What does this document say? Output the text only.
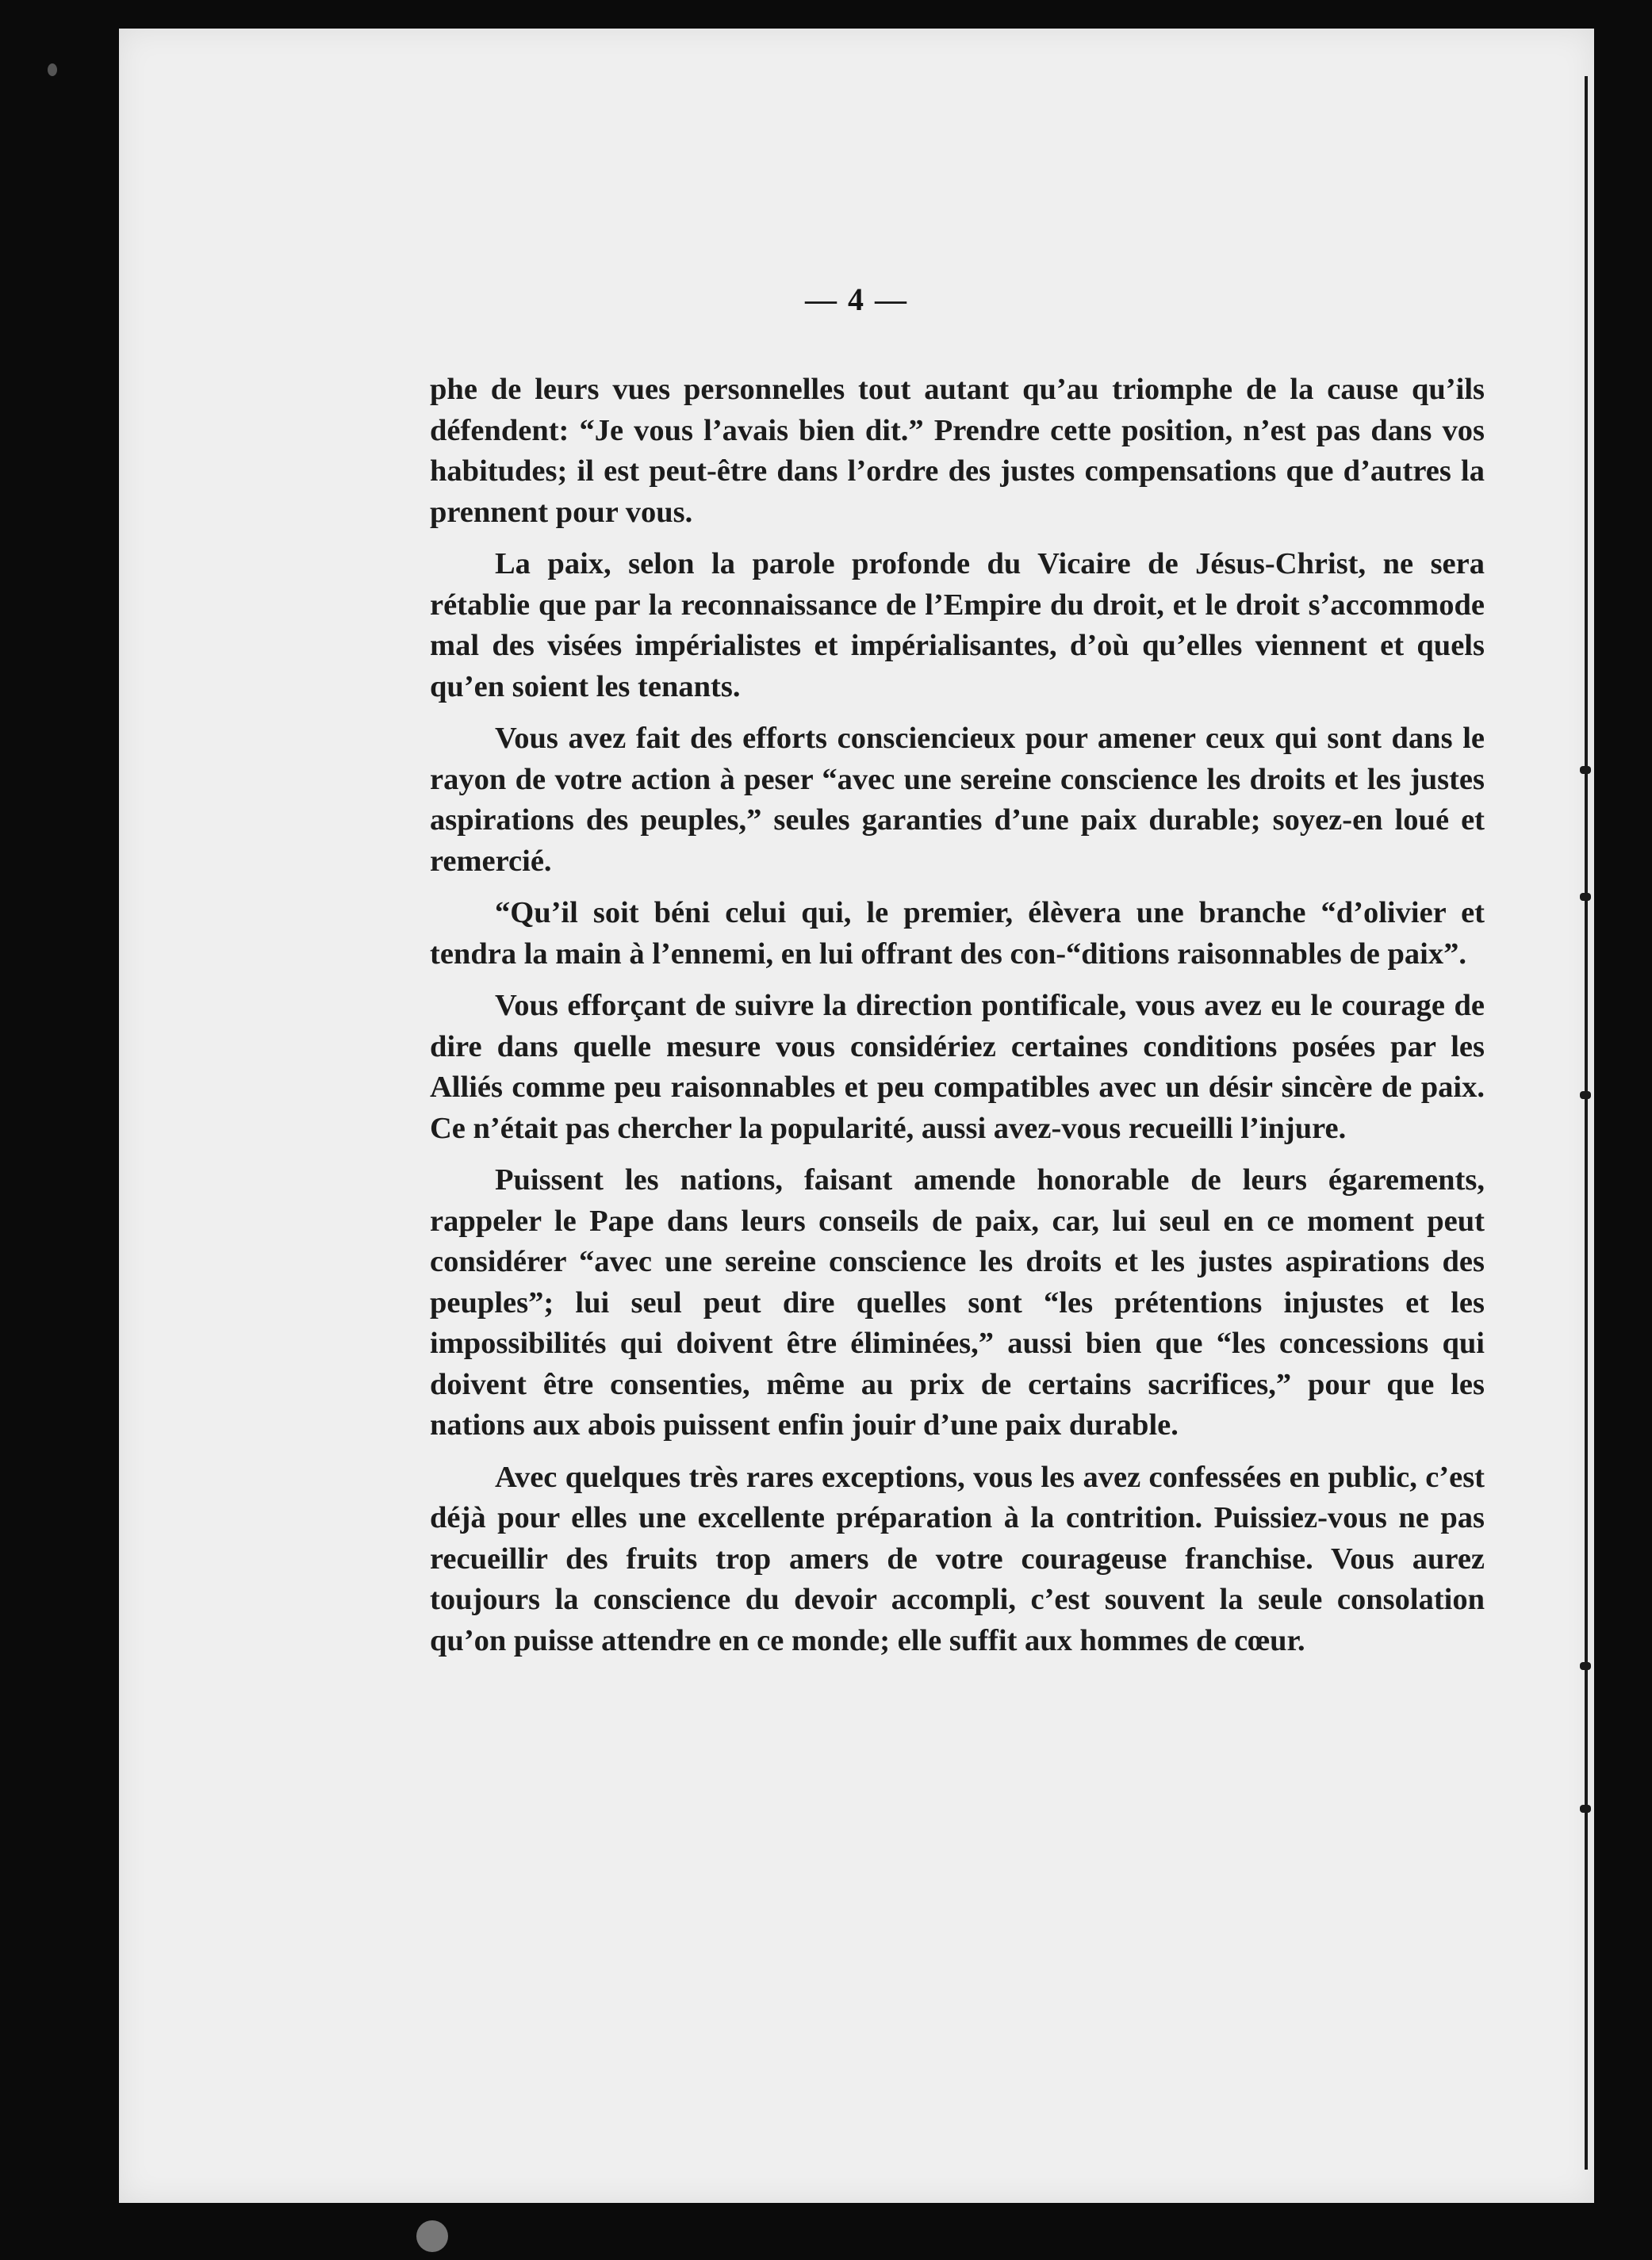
— 4 —

phe de leurs vues personnelles tout autant qu’au triomphe de la cause qu’ils défendent: “Je vous l’avais bien dit.” Prendre cette position, n’est pas dans vos habitudes; il est peut-être dans l’ordre des justes compensations que d’autres la prennent pour vous.

La paix, selon la parole profonde du Vicaire de Jésus-Christ, ne sera rétablie que par la reconnaissance de l’Empire du droit, et le droit s’accommode mal des visées impérialistes et impérialisantes, d’où qu’elles viennent et quels qu’en soient les tenants.

Vous avez fait des efforts consciencieux pour amener ceux qui sont dans le rayon de votre action à peser “avec une sereine conscience les droits et les justes aspirations des peuples,” seules garanties d’une paix durable; soyez-en loué et remercié.

“Qu’il soit béni celui qui, le premier, élèvera une branche “d’olivier et tendra la main à l’ennemi, en lui offrant des con-“ditions raisonnables de paix”.

Vous efforçant de suivre la direction pontificale, vous avez eu le courage de dire dans quelle mesure vous considériez certaines conditions posées par les Alliés comme peu raisonnables et peu compatibles avec un désir sincère de paix. Ce n’était pas chercher la popularité, aussi avez-vous recueilli l’injure.

Puissent les nations, faisant amende honorable de leurs égarements, rappeler le Pape dans leurs conseils de paix, car, lui seul en ce moment peut considérer “avec une sereine conscience les droits et les justes aspirations des peuples”; lui seul peut dire quelles sont “les prétentions injustes et les impossibilités qui doivent être éliminées,” aussi bien que “les concessions qui doivent être consenties, même au prix de certains sacrifices,” pour que les nations aux abois puissent enfin jouir d’une paix durable.

Avec quelques très rares exceptions, vous les avez confessées en public, c’est déjà pour elles une excellente préparation à la contrition. Puissiez-vous ne pas recueillir des fruits trop amers de votre courageuse franchise. Vous aurez toujours la conscience du devoir accompli, c’est souvent la seule consolation qu’on puisse attendre en ce monde; elle suffit aux hommes de cœur.
